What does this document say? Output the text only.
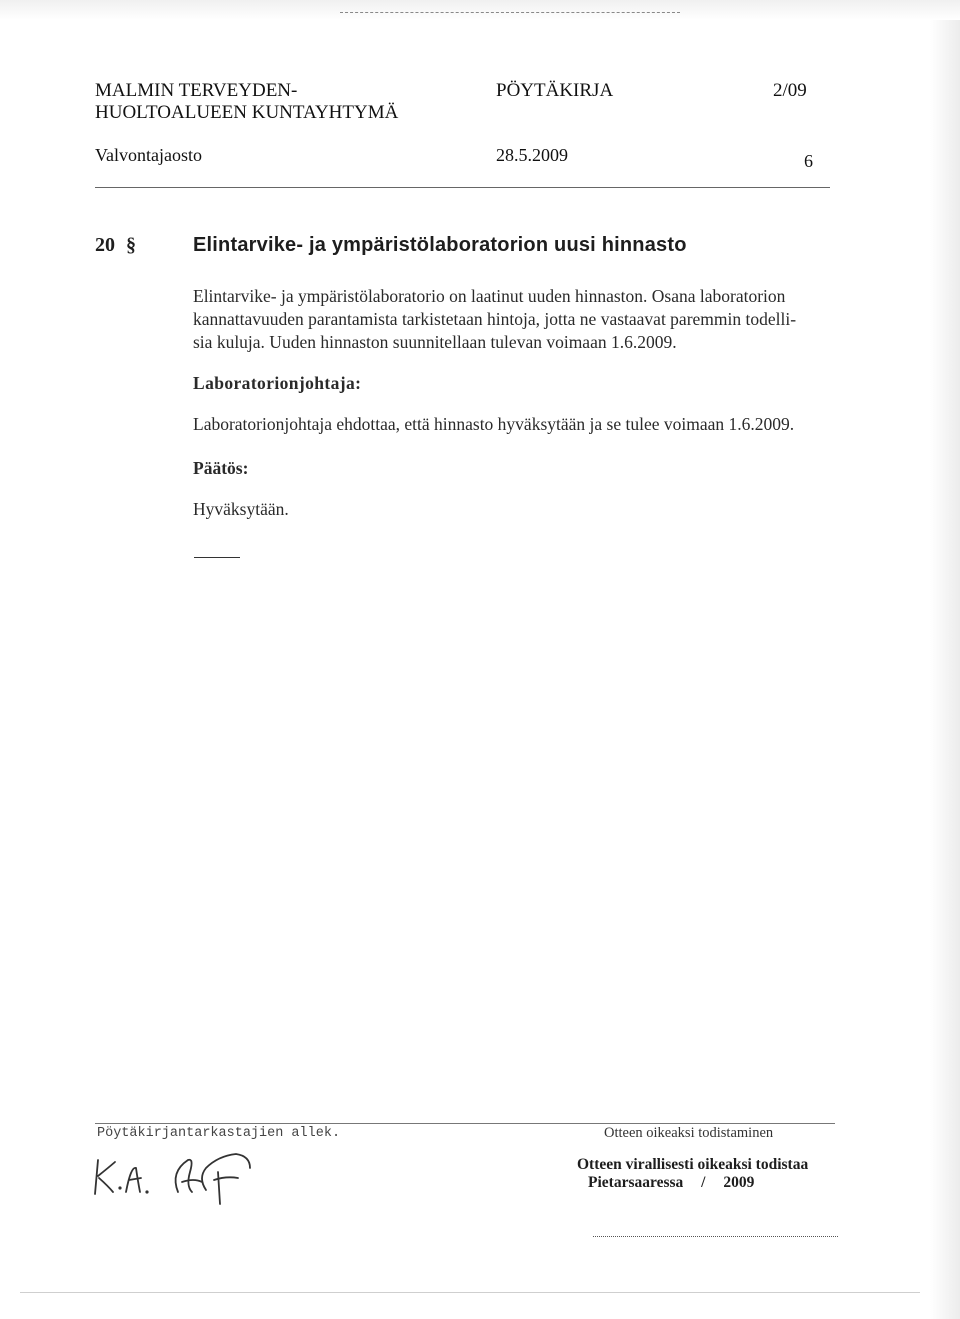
MALMIN TERVEYDEN-

HUOLTOALUEEN KUNTAYHTYMÄ

PÖYTÄKIRJA	2/09

Valvontajaosto	28.5.2009	6

20 §	Elintarvike- ja ympäristölaboratorion uusi hinnasto

Elintarvike- ja ympäristölaboratorio on laatinut uuden hinnaston. Osana laboratorion

kannattavuuden parantamista tarkistetaan hintoja, jotta ne vastaavat paremmin todelli-

sia kuluja. Uuden hinnaston suunnitellaan tulevan voimaan 1.6.2009.

Laboratorionjohtaja:

Laboratorionjohtaja ehdottaa, että hinnasto hyväksytään ja se tulee voimaan 1.6.2009.

Päätös:

Hyväksytään.

Pöytäkirjantarkastajien allek.	Otteen oikeaksi todistaminen

Otteen virallisesti oikeaksi todistaa

Pietarsaaressa / 2009
